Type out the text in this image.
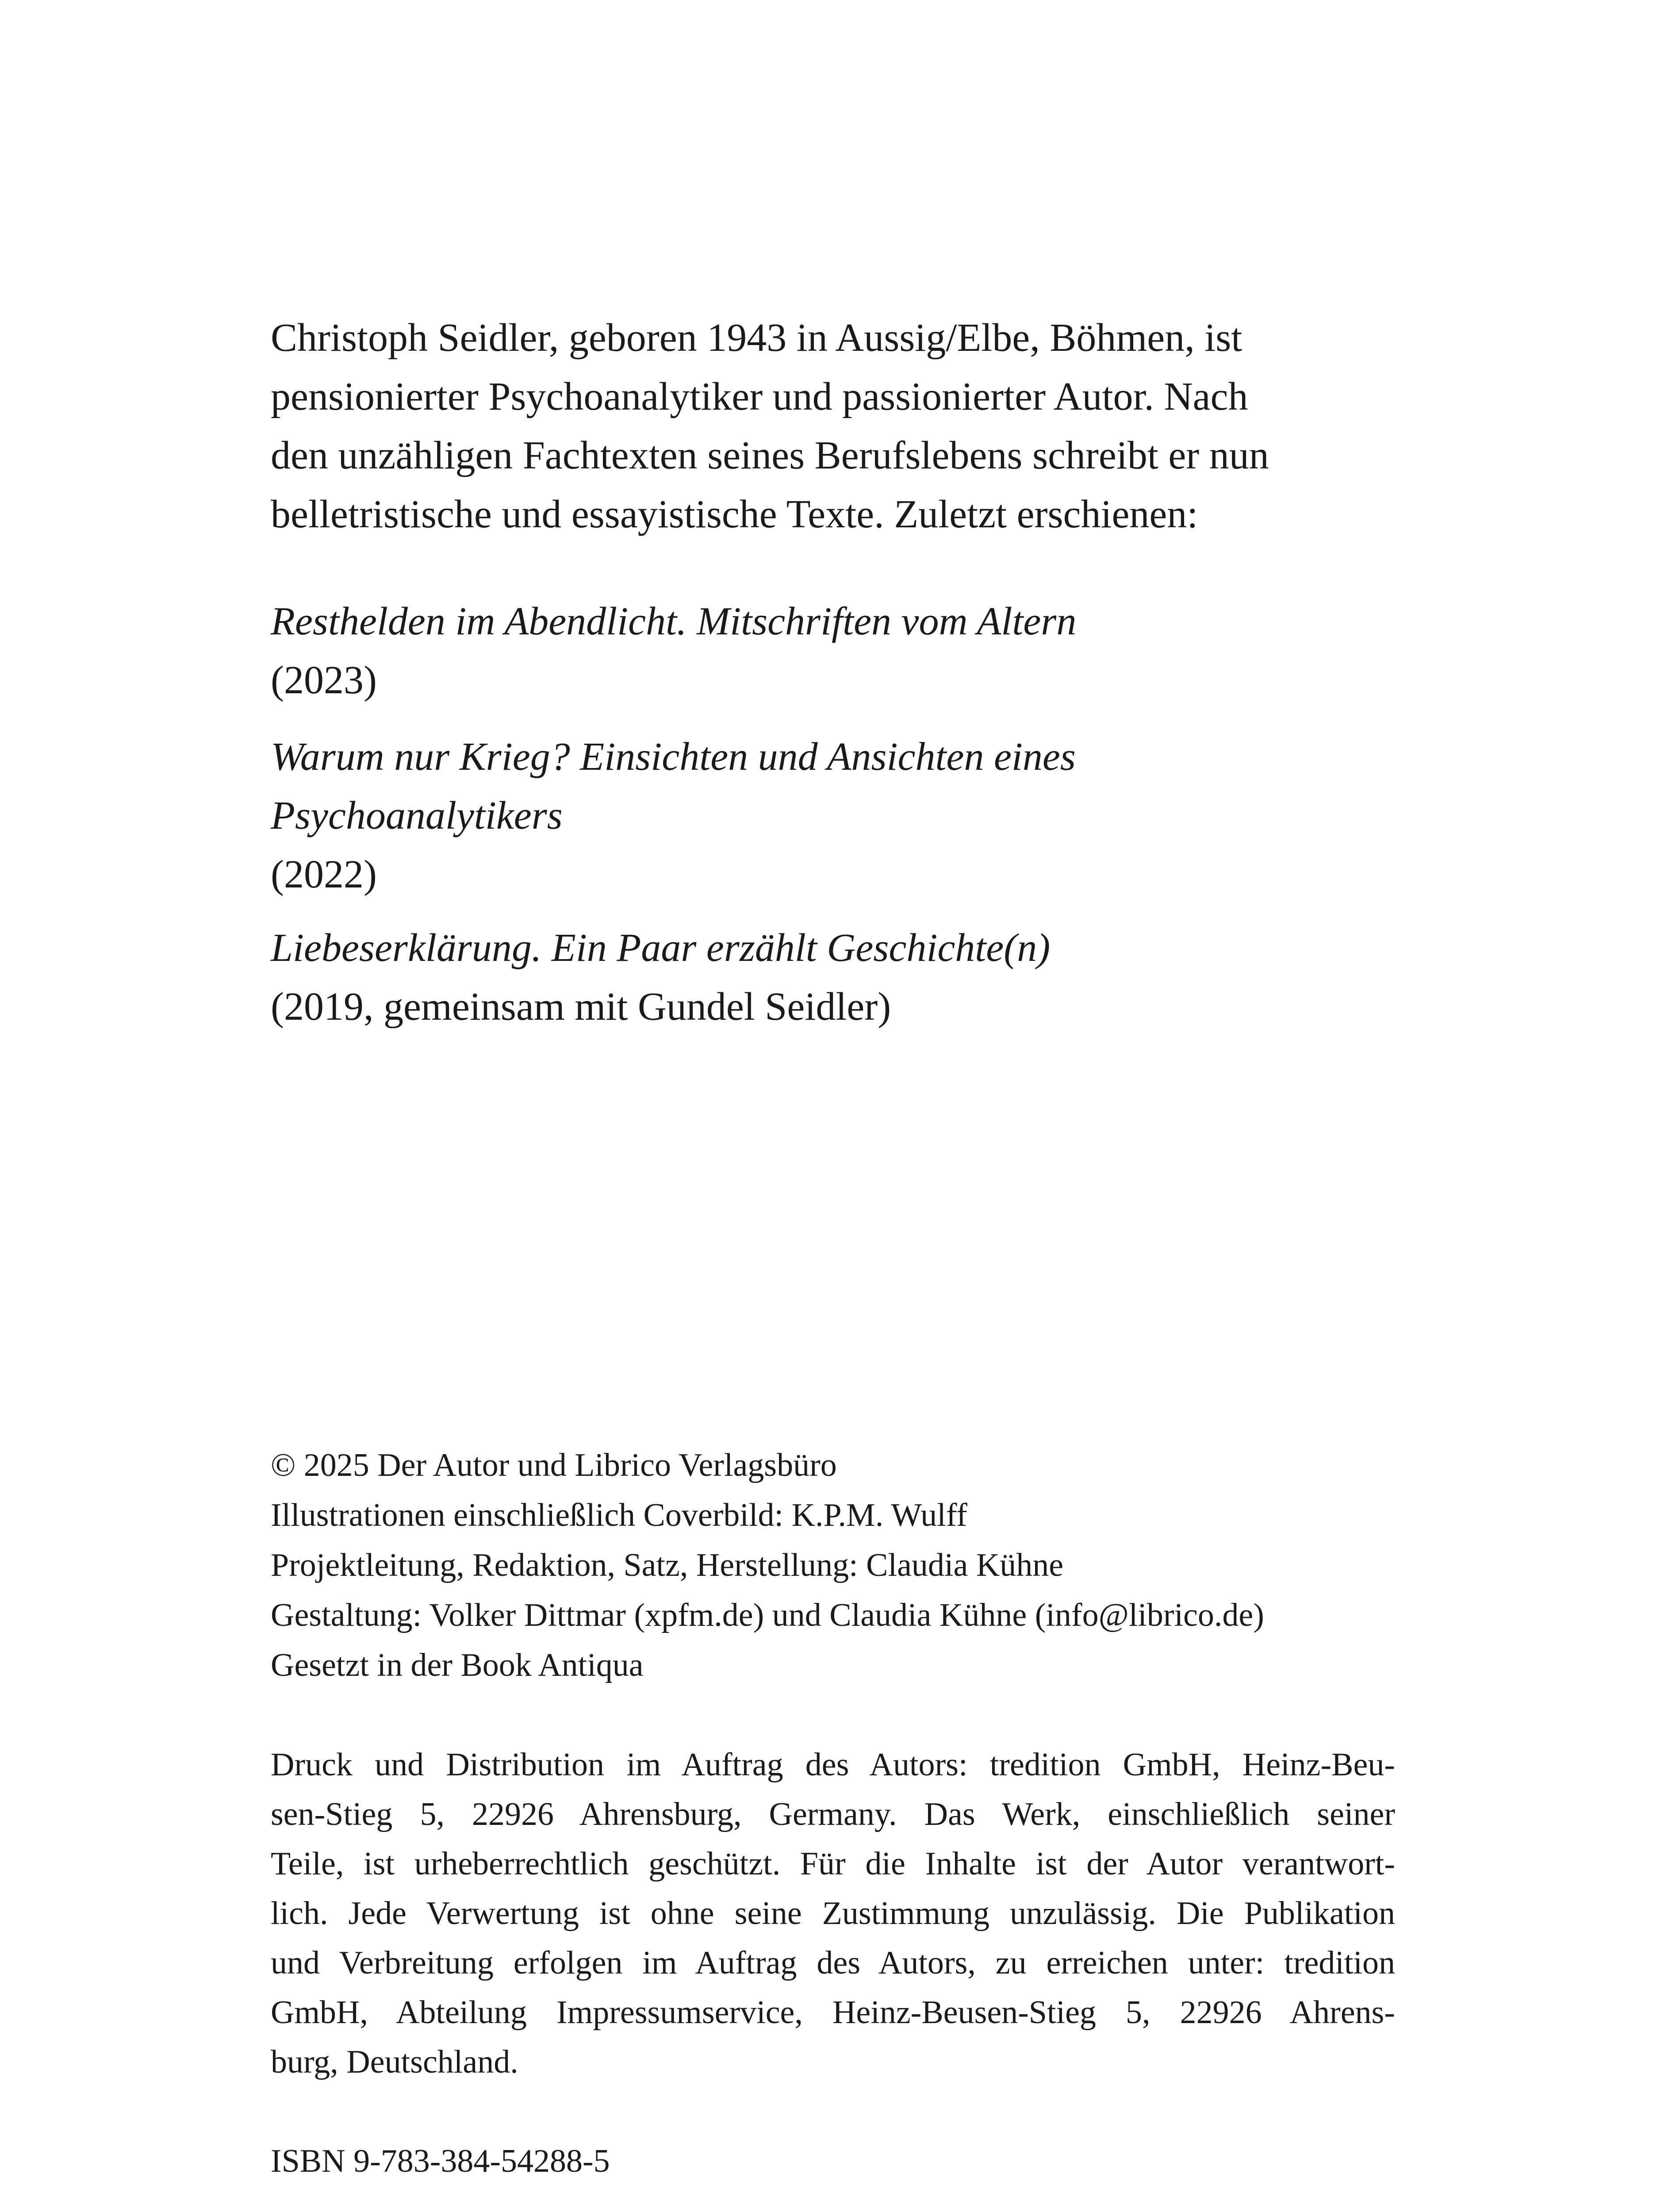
Christoph Seidler, geboren 1943 in Aussig/Elbe, Böhmen, ist
pensionierter Psychoanalytiker und passionierter Autor. Nach
den unzähligen Fachtexten seines Berufslebens schreibt er nun
belletristische und essayistische Texte. Zuletzt erschienen:
Resthelden im Abendlicht. Mitschriften vom Altern
(2023)
Warum nur Krieg? Einsichten und Ansichten eines
Psychoanalytikers
(2022)
Liebeserklärung. Ein Paar erzählt Geschichte(n)
(2019, gemeinsam mit Gundel Seidler)
© 2025 Der Autor und Librico Verlagsbüro
Illustrationen einschließlich Coverbild: K.P.M. Wulff
Projektleitung, Redaktion, Satz, Herstellung: Claudia Kühne
Gestaltung: Volker Dittmar (xpfm.de) und Claudia Kühne (info@librico.de)
Gesetzt in der Book Antiqua
Druck und Distribution im Auftrag des Autors: tredition GmbH, Heinz-Beu-
sen-Stieg 5, 22926 Ahrensburg, Germany. Das Werk, einschließlich seiner
Teile, ist urheberrechtlich geschützt. Für die Inhalte ist der Autor verantwort-
lich. Jede Verwertung ist ohne seine Zustimmung unzulässig. Die Publikation
und Verbreitung erfolgen im Auftrag des Autors, zu erreichen unter: tredition
GmbH, Abteilung Impressumservice, Heinz-Beusen-Stieg 5, 22926 Ahrens-
burg, Deutschland.
ISBN 9-783-384-54288-5
